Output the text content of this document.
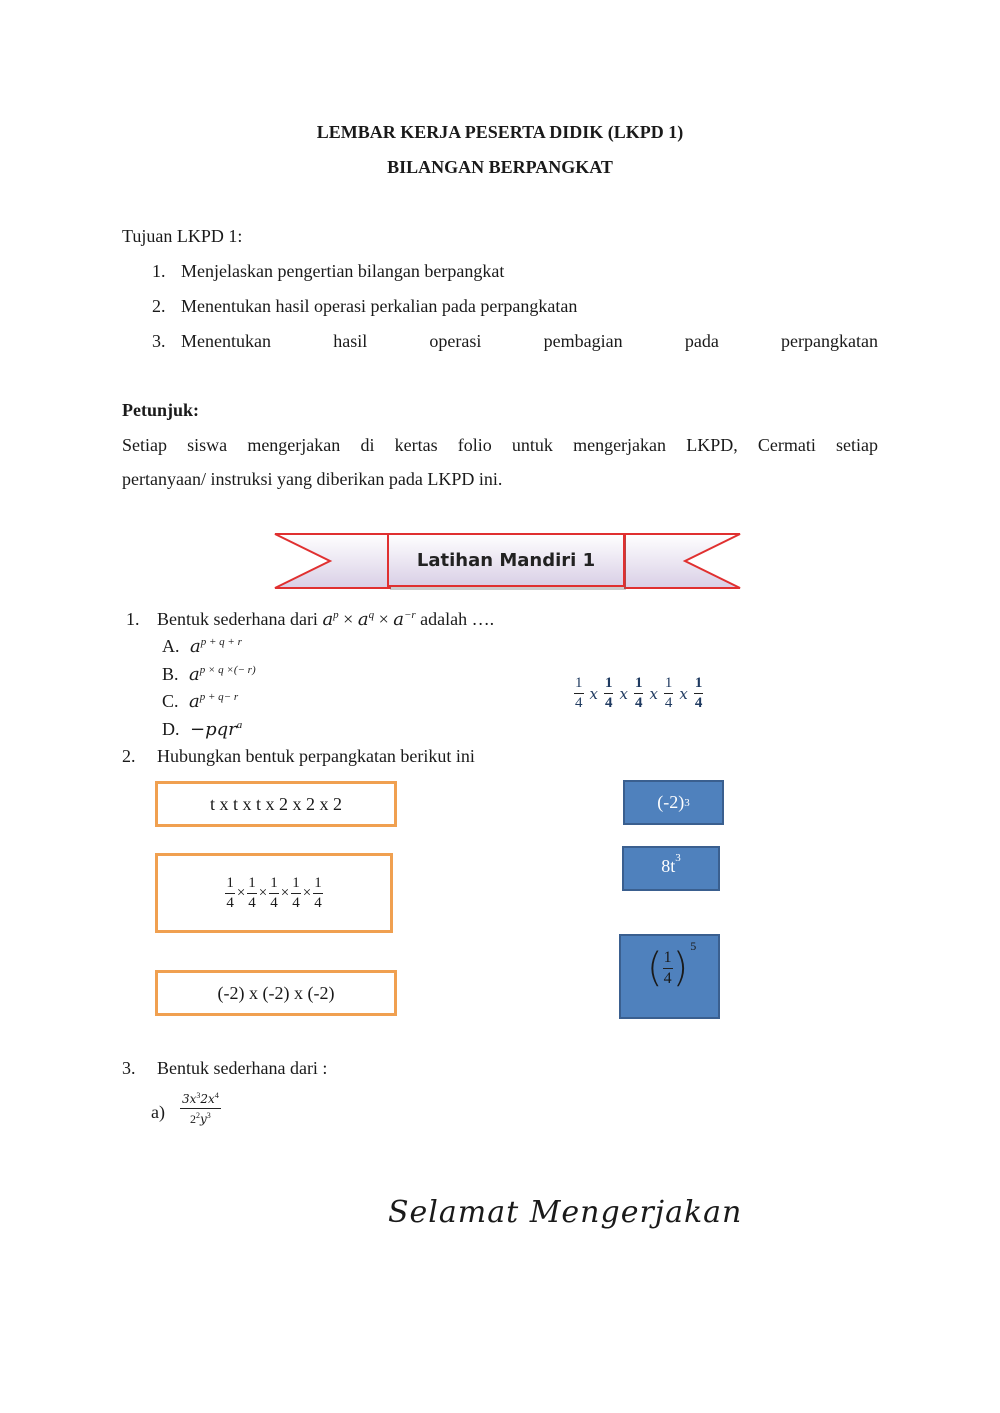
LEMBAR KERJA PESERTA DIDIK (LKPD 1)
BILANGAN BERPANGKAT
Tujuan LKPD 1:
1. Menjelaskan pengertian bilangan berpangkat
2. Menentukan hasil operasi perkalian pada perpangkatan
3. Menentukan	hasil	operasi	pembagian	pada	perpangkatan
Petunjuk:
Setiap siswa mengerjakan di kertas folio untuk mengerjakan LKPD, Cermati setiap
pertanyaan/ instruksi yang diberikan pada LKPD ini.
Latihan Mandiri 1
1. Bentuk sederhana dari $a^p \times a^q \times a^{-r}$ adalah ….
A. $a^{p + q + r}$
B. $a^{p \times q \times(- r)}$
C. $a^{p + q- r}$
D. −pqr$^a$
$\frac{1}{4}$ x $\frac{1}{4}$ x $\frac{1}{4}$ x $\frac{1}{4}$ x $\frac{1}{4}$
2. Hubungkan bentuk perpangkatan berikut ini
t x t x t x 2 x 2 x 2
$\frac{1}{4} \times \frac{1}{4} \times \frac{1}{4} \times \frac{1}{4} \times \frac{1}{4}$
(-2) x (-2) x (-2)
(-2) 3
8t 3
( $\frac{1}{4}$ ) 5
3. Bentuk sederhana dari :
$a) \frac{3x^32x^4}{2^2y^3}$
Selamat Mengerjakan
